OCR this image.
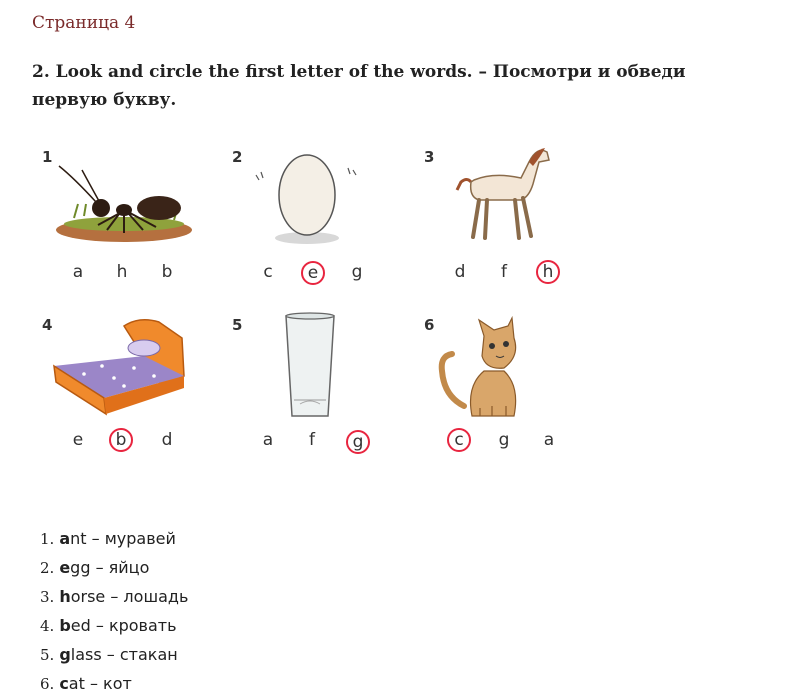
Страница 4
2. Look and circle the first letter of the words. – Посмотри и обведи первую букву.
1
a	h	b
2
c	e	g
3
d	f	h
4
e	b	d
5
a	f	g
6
c	g	a
1. ant – муравей
2. egg – яйцо
3. horse – лошадь
4. bed – кровать
5. glass – стакан
6. cat – кот
